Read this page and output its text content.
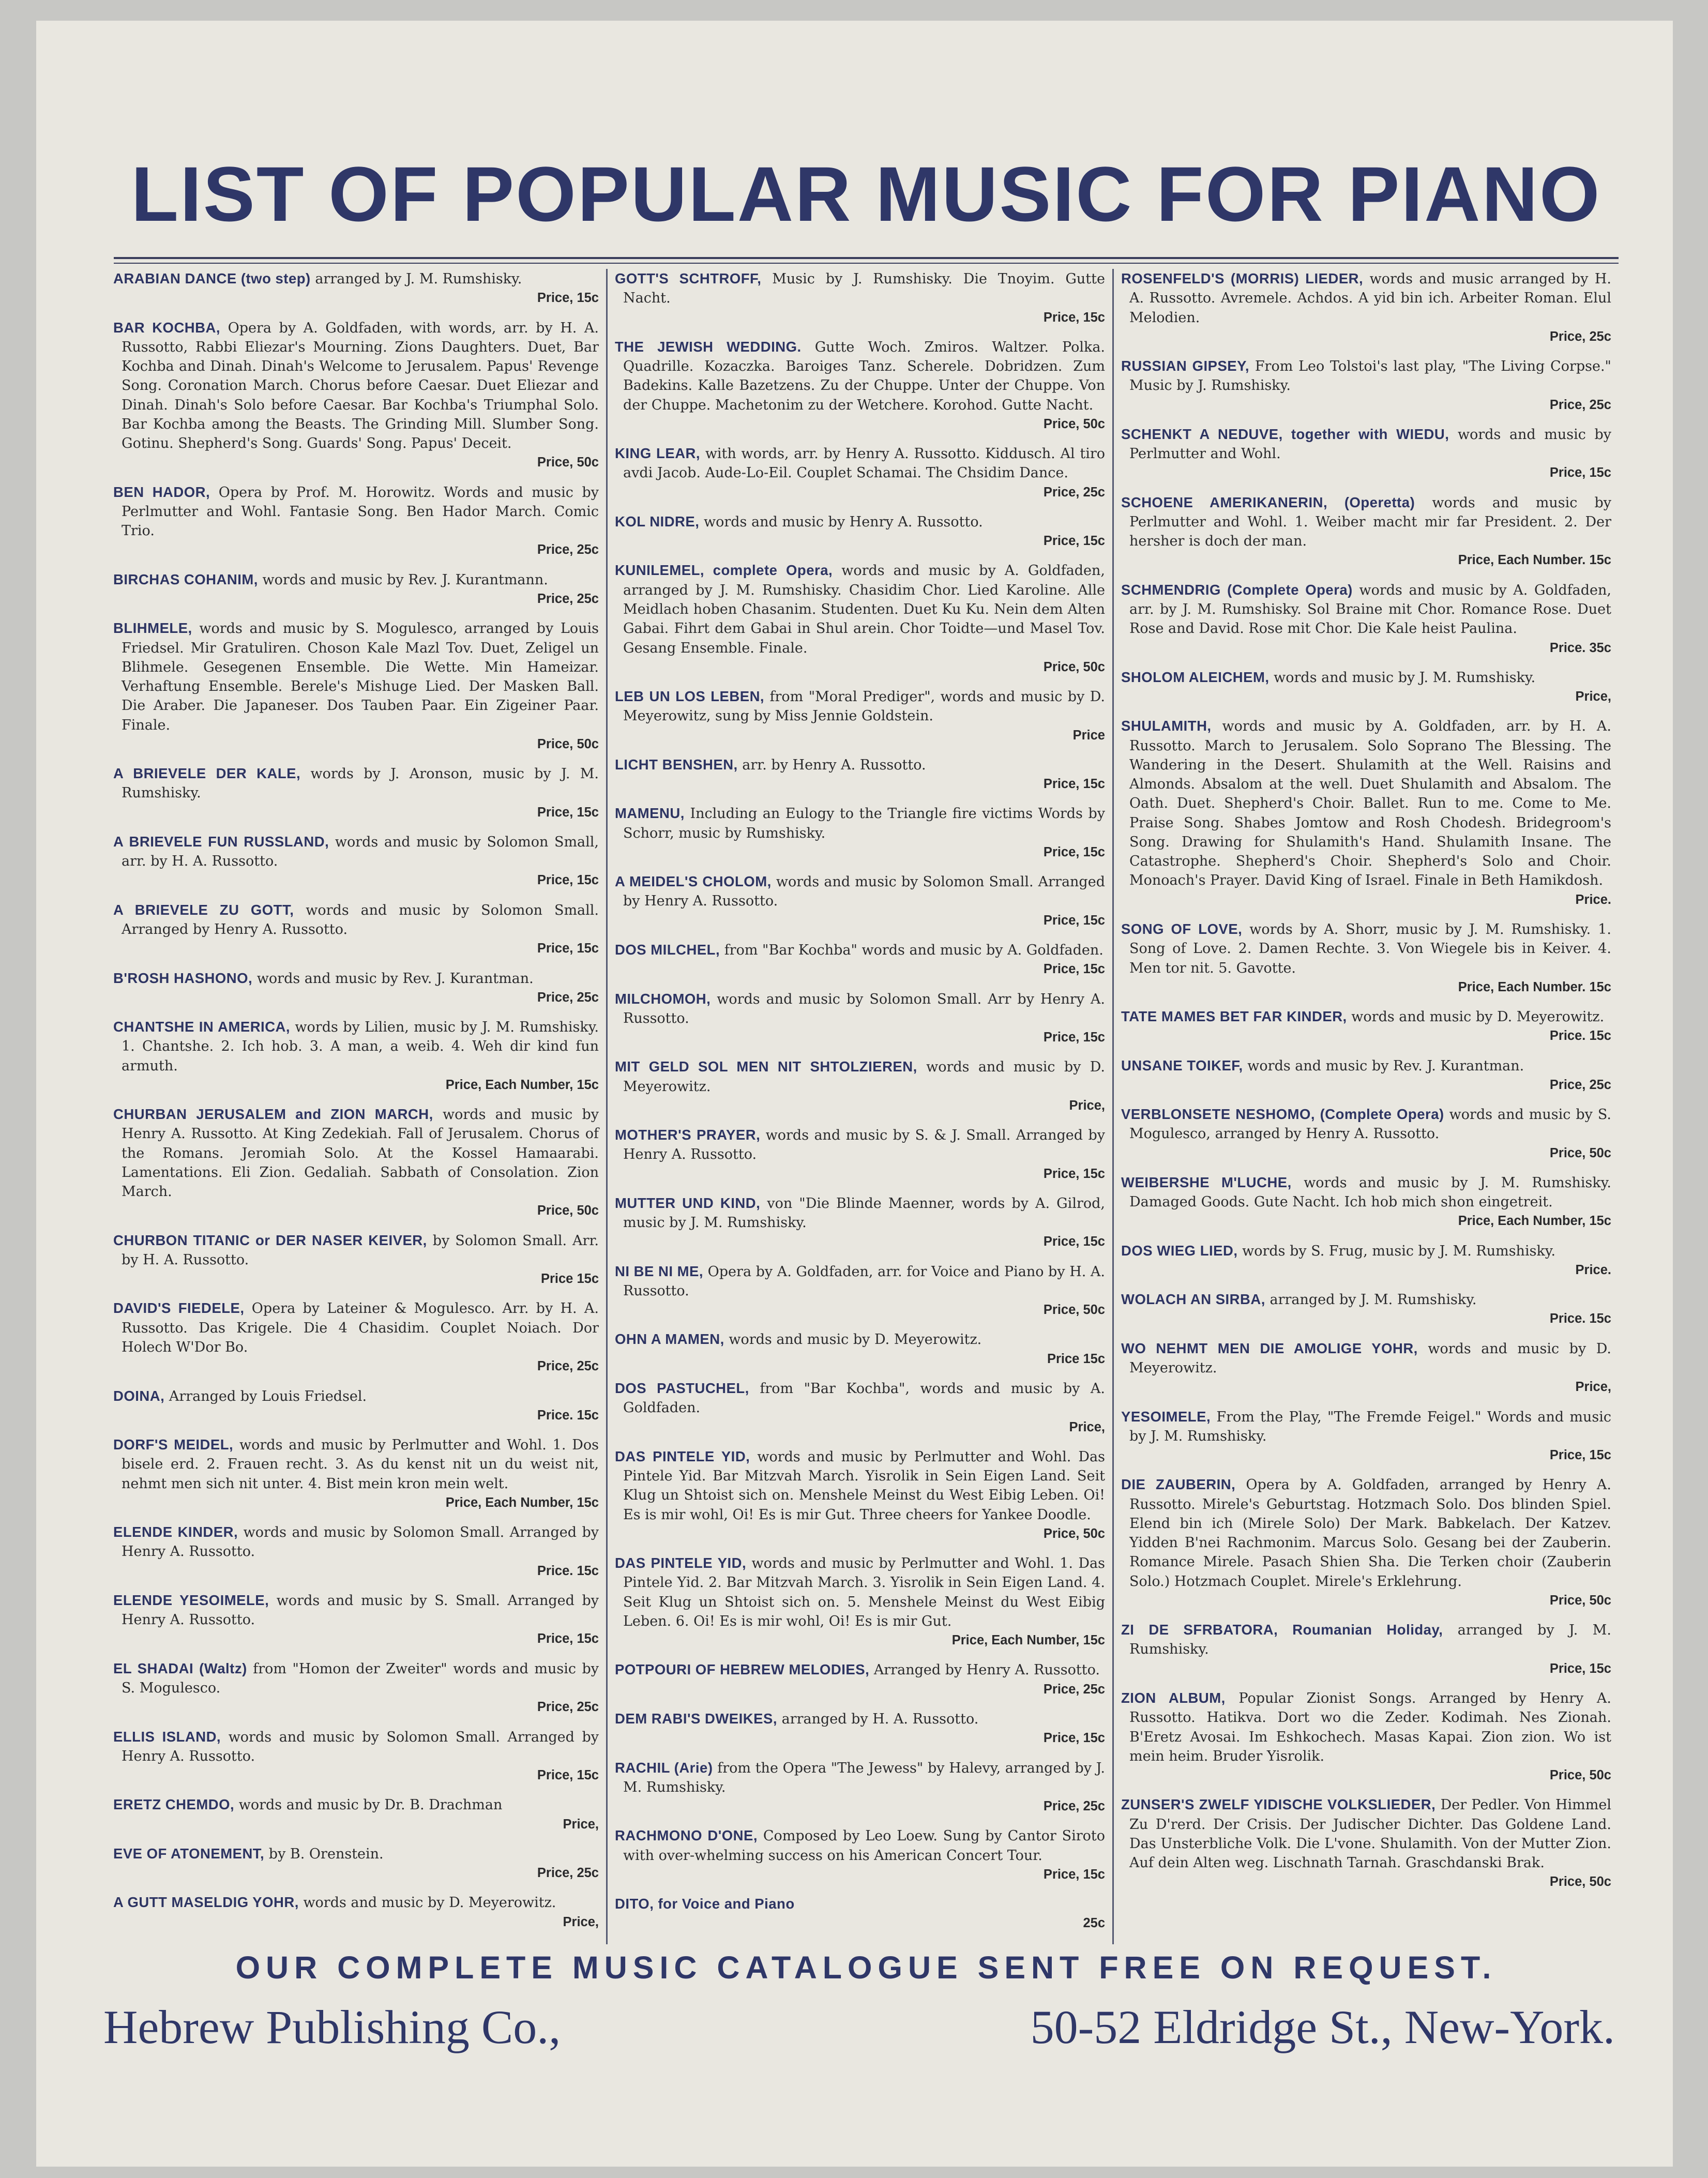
LIST OF POPULAR MUSIC FOR PIANO

ARABIAN DANCE (two step) arranged by J. M. Rumshisky.
Price, 15c

BAR KOCHBA, Opera by A. Goldfaden, with words, arr. by H. A. Russotto, Rabbi Eliezar's Mourning. Zions Daughters. Duet, Bar Kochba and Dinah. Dinah's Welcome to Jerusalem. Papus' Revenge Song. Coronation March. Chorus before Caesar. Duet Eliezar and Dinah. Dinah's Solo before Caesar. Bar Kochba's Triumphal Solo. Bar Kochba among the Beasts. The Grinding Mill. Slumber Song. Gotinu. Shepherd's Song. Guards' Song. Papus' Deceit.
Price, 50c

BEN HADOR, Opera by Prof. M. Horowitz. Words and music by Perlmutter and Wohl. Fantasie Song. Ben Hador March. Comic Trio.
Price, 25c

BIRCHAS COHANIM, words and music by Rev. J. Kurantmann.
Price, 25c

BLIHMELE, words and music by S. Mogulesco, arranged by Louis Friedsel. Mir Gratuliren. Choson Kale Mazl Tov. Duet, Zeligel un Blihmele. Gesegenen Ensemble. Die Wette. Min Hameizar. Verhaftung Ensemble. Berele's Mishuge Lied. Der Masken Ball. Die Araber. Die Japaneser. Dos Tauben Paar. Ein Zigeiner Paar. Finale.
Price, 50c

A BRIEVELE DER KALE, words by J. Aronson, music by J. M. Rumshisky.
Price, 15c

A BRIEVELE FUN RUSSLAND, words and music by Solomon Small, arr. by H. A. Russotto.
Price, 15c

A BRIEVELE ZU GOTT, words and music by Solomon Small. Arranged by Henry A. Russotto.
Price, 15c

B'ROSH HASHONO, words and music by Rev. J. Kurantman.
Price, 25c

CHANTSHE IN AMERICA, words by Lilien, music by J. M. Rumshisky. 1. Chantshe. 2. Ich hob. 3. A man, a weib. 4. Weh dir kind fun armuth.
Price, Each Number, 15c

CHURBAN JERUSALEM and ZION MARCH, words and music by Henry A. Russotto. At King Zedekiah. Fall of Jerusalem. Chorus of the Romans. Jeromiah Solo. At the Kossel Hamaarabi. Lamentations. Eli Zion. Gedaliah. Sabbath of Consolation. Zion March.
Price, 50c

CHURBON TITANIC or DER NASER KEIVER, by Solomon Small. Arr. by H. A. Russotto.
Price 15c

DAVID'S FIEDELE, Opera by Lateiner & Mogulesco. Arr. by H. A. Russotto. Das Krigele. Die 4 Chasidim. Couplet Noiach. Dor Holech W'Dor Bo.
Price, 25c

DOINA, Arranged by Louis Friedsel.
Price. 15c

DORF'S MEIDEL, words and music by Perlmutter and Wohl. 1. Dos bisele erd. 2. Frauen recht. 3. As du kenst nit un du weist nit, nehmt men sich nit unter. 4. Bist mein kron mein welt.
Price, Each Number, 15c

ELENDE KINDER, words and music by Solomon Small. Arranged by Henry A. Russotto.
Price. 15c

ELENDE YESOIMELE, words and music by S. Small. Arranged by Henry A. Russotto.
Price, 15c

EL SHADAI (Waltz) from "Homon der Zweiter" words and music by S. Mogulesco.
Price, 25c

ELLIS ISLAND, words and music by Solomon Small. Arranged by Henry A. Russotto.
Price, 15c

ERETZ CHEMDO, words and music by Dr. B. Drachman
Price,

EVE OF ATONEMENT, by B. Orenstein.
Price, 25c

A GUTT MASELDIG YOHR, words and music by D. Meyerowitz.
Price,

GOTT'S SCHTROFF, Music by J. Rumshisky. Die Tnoyim. Gutte Nacht.
Price, 15c

THE JEWISH WEDDING. Gutte Woch. Zmiros. Waltzer. Polka. Quadrille. Kozaczka. Baroiges Tanz. Scherele. Dobridzen. Zum Badekins. Kalle Bazetzens. Zu der Chuppe. Unter der Chuppe. Von der Chuppe. Machetonim zu der Wetchere. Korohod. Gutte Nacht.
Price, 50c

KING LEAR, with words, arr. by Henry A. Russotto. Kiddusch. Al tiro avdi Jacob. Aude-Lo-Eil. Couplet Schamai. The Chsidim Dance.
Price, 25c

KOL NIDRE, words and music by Henry A. Russotto.
Price, 15c

KUNILEMEL, complete Opera, words and music by A. Goldfaden, arranged by J. M. Rumshisky. Chasidim Chor. Lied Karoline. Alle Meidlach hoben Chasanim. Studenten. Duet Ku Ku. Nein dem Alten Gabai. Fihrt dem Gabai in Shul arein. Chor Toidte—und Masel Tov. Gesang Ensemble. Finale.
Price, 50c

LEB UN LOS LEBEN, from "Moral Prediger", words and music by D. Meyerowitz, sung by Miss Jennie Goldstein.
Price

LICHT BENSHEN, arr. by Henry A. Russotto.
Price, 15c

MAMENU, Including an Eulogy to the Triangle fire victims Words by Schorr, music by Rumshisky.
Price, 15c

A MEIDEL'S CHOLOM, words and music by Solomon Small. Arranged by Henry A. Russotto.
Price, 15c

DOS MILCHEL, from "Bar Kochba" words and music by A. Goldfaden.
Price, 15c

MILCHOMOH, words and music by Solomon Small. Arr by Henry A. Russotto.
Price, 15c

MIT GELD SOL MEN NIT SHTOLZIEREN, words and music by D. Meyerowitz.
Price,

MOTHER'S PRAYER, words and music by S. & J. Small. Arranged by Henry A. Russotto.
Price, 15c

MUTTER UND KIND, von "Die Blinde Maenner, words by A. Gilrod, music by J. M. Rumshisky.
Price, 15c

NI BE NI ME, Opera by A. Goldfaden, arr. for Voice and Piano by H. A. Russotto.
Price, 50c

OHN A MAMEN, words and music by D. Meyerowitz.
Price 15c

DOS PASTUCHEL, from "Bar Kochba", words and music by A. Goldfaden.
Price,

DAS PINTELE YID, words and music by Perlmutter and Wohl. Das Pintele Yid. Bar Mitzvah March. Yisrolik in Sein Eigen Land. Seit Klug un Shtoist sich on. Menshele Meinst du West Eibig Leben. Oi! Es is mir wohl, Oi! Es is mir Gut. Three cheers for Yankee Doodle.
Price, 50c

DAS PINTELE YID, words and music by Perlmutter and Wohl. 1. Das Pintele Yid. 2. Bar Mitzvah March. 3. Yisrolik in Sein Eigen Land. 4. Seit Klug un Shtoist sich on. 5. Menshele Meinst du West Eibig Leben. 6. Oi! Es is mir wohl, Oi! Es is mir Gut.
Price, Each Number, 15c

POTPOURI OF HEBREW MELODIES, Arranged by Henry A. Russotto.
Price, 25c

DEM RABI'S DWEIKES, arranged by H. A. Russotto.
Price, 15c

RACHIL (Arie) from the Opera "The Jewess" by Halevy, arranged by J. M. Rumshisky.
Price, 25c

RACHMONO D'ONE, Composed by Leo Loew. Sung by Cantor Siroto with over-whelming success on his American Concert Tour.
Price, 15c

DITO, for Voice and Piano
25c

ROSENFELD'S (MORRIS) LIEDER, words and music arranged by H. A. Russotto. Avremele. Achdos. A yid bin ich. Arbeiter Roman. Elul Melodien.
Price, 25c

RUSSIAN GIPSEY, From Leo Tolstoi's last play, "The Living Corpse." Music by J. Rumshisky.
Price, 25c

SCHENKT A NEDUVE, together with WIEDU, words and music by Perlmutter and Wohl.
Price, 15c

SCHOENE AMERIKANERIN, (Operetta) words and music by Perlmutter and Wohl. 1. Weiber macht mir far President. 2. Der hersher is doch der man.
Price, Each Number. 15c

SCHMENDRIG (Complete Opera) words and music by A. Goldfaden, arr. by J. M. Rumshisky. Sol Braine mit Chor. Romance Rose. Duet Rose and David. Rose mit Chor. Die Kale heist Paulina.
Price. 35c

SHOLOM ALEICHEM, words and music by J. M. Rumshisky.
Price,

SHULAMITH, words and music by A. Goldfaden, arr. by H. A. Russotto. March to Jerusalem. Solo Soprano The Blessing. The Wandering in the Desert. Shulamith at the Well. Raisins and Almonds. Absalom at the well. Duet Shulamith and Absalom. The Oath. Duet. Shepherd's Choir. Ballet. Run to me. Come to Me. Praise Song. Shabes Jomtow and Rosh Chodesh. Bridegroom's Song. Drawing for Shulamith's Hand. Shulamith Insane. The Catastrophe. Shepherd's Choir. Shepherd's Solo and Choir. Monoach's Prayer. David King of Israel. Finale in Beth Hamikdosh.
Price.

SONG OF LOVE, words by A. Shorr, music by J. M. Rumshisky. 1. Song of Love. 2. Damen Rechte. 3. Von Wiegele bis in Keiver. 4. Men tor nit. 5. Gavotte.
Price, Each Number. 15c

TATE MAMES BET FAR KINDER, words and music by D. Meyerowitz.
Price. 15c

UNSANE TOIKEF, words and music by Rev. J. Kurantman.
Price, 25c

VERBLONSETE NESHOMO, (Complete Opera) words and music by S. Mogulesco, arranged by Henry A. Russotto.
Price, 50c

WEIBERSHE M'LUCHE, words and music by J. M. Rumshisky. Damaged Goods. Gute Nacht. Ich hob mich shon eingetreit.
Price, Each Number, 15c

DOS WIEG LIED, words by S. Frug, music by J. M. Rumshisky.
Price.

WOLACH AN SIRBA, arranged by J. M. Rumshisky.
Price. 15c

WO NEHMT MEN DIE AMOLIGE YOHR, words and music by D. Meyerowitz.
Price,

YESOIMELE, From the Play, "The Fremde Feigel." Words and music by J. M. Rumshisky.
Price, 15c

DIE ZAUBERIN, Opera by A. Goldfaden, arranged by Henry A. Russotto. Mirele's Geburtstag. Hotzmach Solo. Dos blinden Spiel. Elend bin ich (Mirele Solo) Der Mark. Babkelach. Der Katzev. Yidden B'nei Rachmonim. Marcus Solo. Gesang bei der Zauberin. Romance Mirele. Pasach Shien Sha. Die Terken choir (Zauberin Solo.) Hotzmach Couplet. Mirele's Erklehrung.
Price, 50c

ZI DE SFRBATORA, Roumanian Holiday, arranged by J. M. Rumshisky.
Price, 15c

ZION ALBUM, Popular Zionist Songs. Arranged by Henry A. Russotto. Hatikva. Dort wo die Zeder. Kodimah. Nes Zionah. B'Eretz Avosai. Im Eshkochech. Masas Kapai. Zion zion. Wo ist mein heim. Bruder Yisrolik.
Price, 50c

ZUNSER'S ZWELF YIDISCHE VOLKSLIEDER, Der Pedler. Von Himmel Zu D'rerd. Der Crisis. Der Judischer Dichter. Das Goldene Land. Das Unsterbliche Volk. Die L'vone. Shulamith. Von der Mutter Zion. Auf dein Alten weg. Lischnath Tarnah. Graschdanski Brak.
Price, 50c

OUR COMPLETE MUSIC CATALOGUE SENT FREE ON REQUEST.

Hebrew Publishing Co.,	50-52 Eldridge St., New-York.
